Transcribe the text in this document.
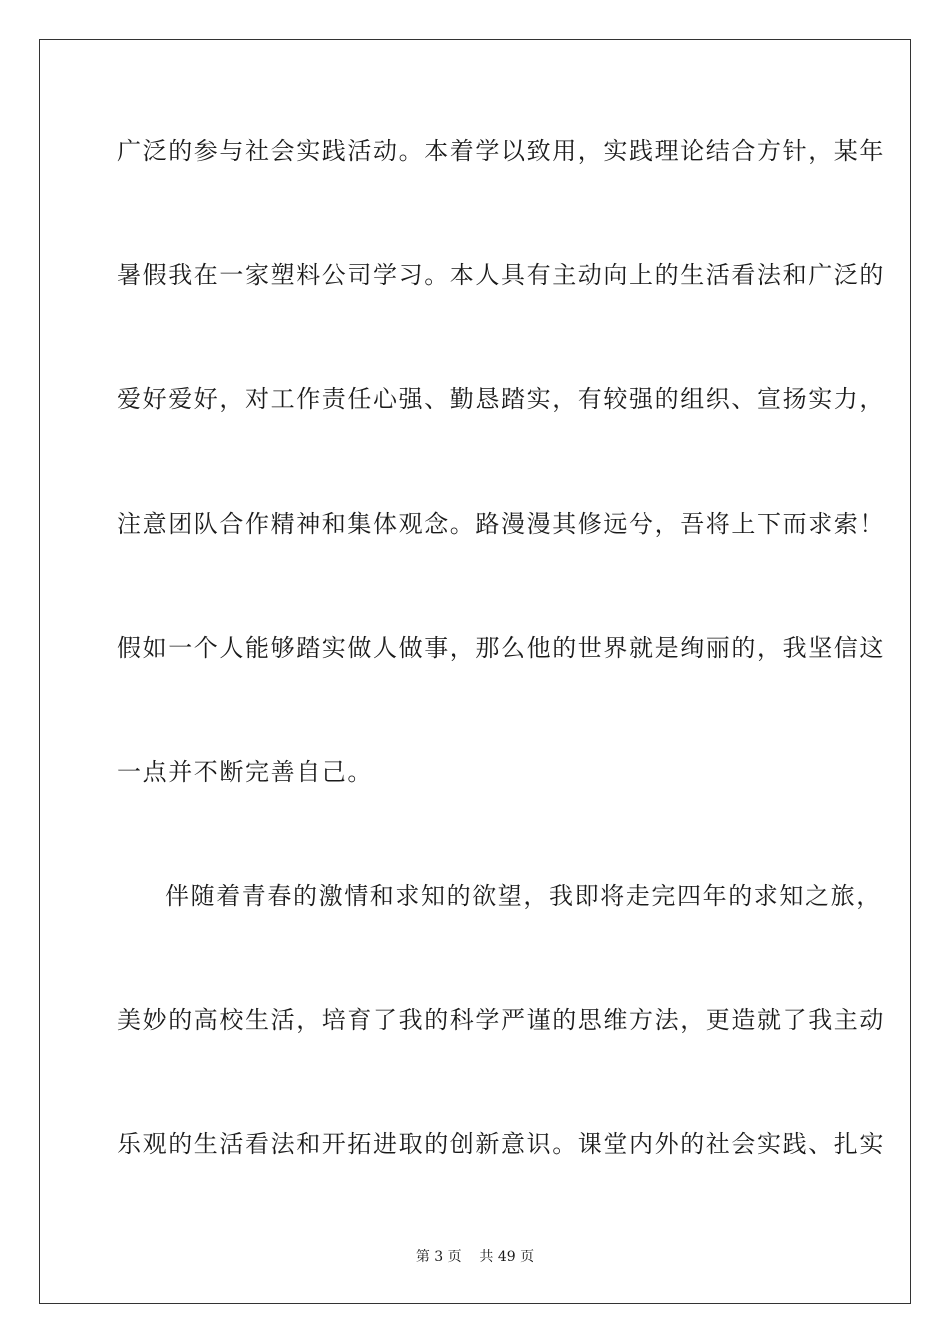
广泛的参与社会实践活动。本着学以致用，实践理论结合方针，某年
暑假我在一家塑料公司学习。本人具有主动向上的生活看法和广泛的
爱好爱好，对工作责任心强、勤恳踏实，有较强的组织、宣扬实力，
注意团队合作精神和集体观念。路漫漫其修远兮，吾将上下而求索！
假如一个人能够踏实做人做事，那么他的世界就是绚丽的，我坚信这
一点并不断完善自己。
伴随着青春的激情和求知的欲望，我即将走完四年的求知之旅，
美妙的高校生活，培育了我的科学严谨的思维方法，更造就了我主动
乐观的生活看法和开拓进取的创新意识。课堂内外的社会实践、扎实
第 3 页    共 49 页
